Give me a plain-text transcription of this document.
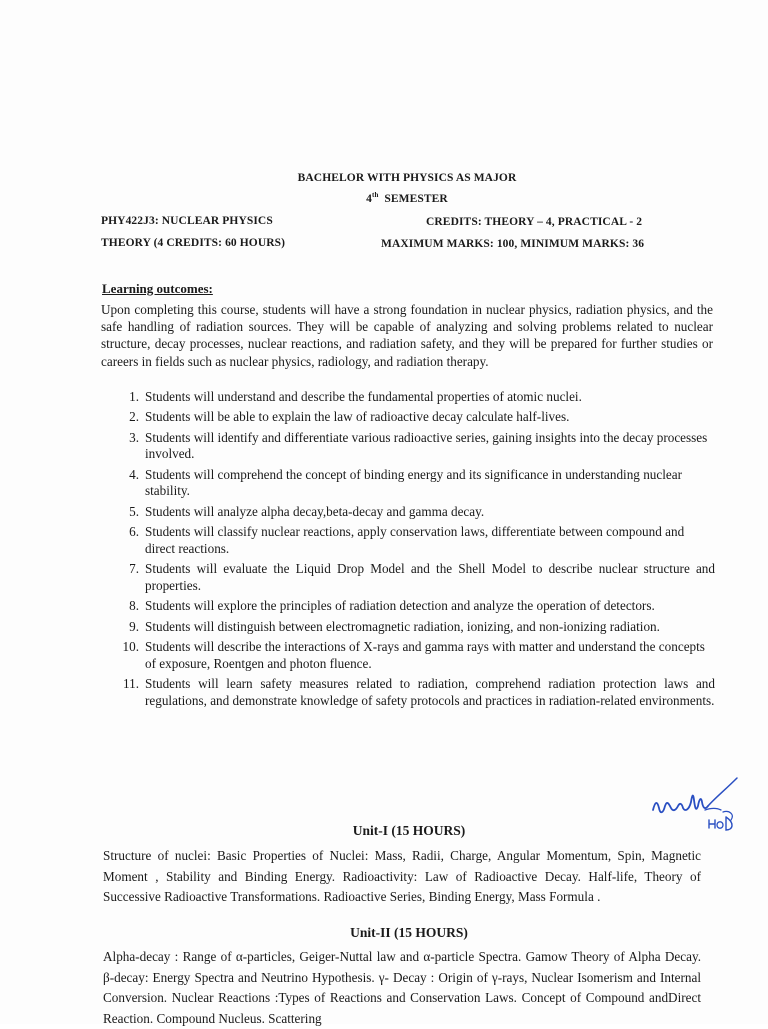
BACHELOR WITH PHYSICS AS MAJOR
4th SEMESTER
PHY422J3: NUCLEAR PHYSICS	CREDITS: THEORY – 4, PRACTICAL - 2
THEORY (4 CREDITS: 60 HOURS)	MAXIMUM MARKS: 100, MINIMUM MARKS: 36
Learning outcomes:
Upon completing this course, students will have a strong foundation in nuclear physics, radiation physics, and the safe handling of radiation sources. They will be capable of analyzing and solving problems related to nuclear structure, decay processes, nuclear reactions, and radiation safety, and they will be prepared for further studies or careers in fields such as nuclear physics, radiology, and radiation therapy.
1. Students will understand and describe the fundamental properties of atomic nuclei.
2. Students will be able to explain the law of radioactive decay calculate half-lives.
3. Students will identify and differentiate various radioactive series, gaining insights into the decay processes involved.
4. Students will comprehend the concept of binding energy and its significance in understanding nuclear stability.
5. Students will analyze alpha decay,beta-decay and gamma decay.
6. Students will classify nuclear reactions, apply conservation laws, differentiate between compound and direct reactions.
7. Students will evaluate the Liquid Drop Model and the Shell Model to describe nuclear structure and properties.
8. Students will explore the principles of radiation detection and analyze the operation of detectors.
9. Students will distinguish between electromagnetic radiation, ionizing, and non-ionizing radiation.
10. Students will describe the interactions of X-rays and gamma rays with matter and understand the concepts of exposure, Roentgen and photon fluence.
11. Students will learn safety measures related to radiation, comprehend radiation protection laws and regulations, and demonstrate knowledge of safety protocols and practices in radiation-related environments.
Unit-I (15 HOURS)
Structure of nuclei: Basic Properties of Nuclei: Mass, Radii, Charge, Angular Momentum, Spin, Magnetic Moment , Stability and Binding Energy. Radioactivity: Law of Radioactive Decay. Half-life, Theory of Successive Radioactive Transformations. Radioactive Series, Binding Energy, Mass Formula .
Unit-II (15 HOURS)
Alpha-decay : Range of α-particles, Geiger-Nuttal law and α-particle Spectra. Gamow Theory of Alpha Decay. β-decay: Energy Spectra and Neutrino Hypothesis. γ- Decay : Origin of γ-rays, Nuclear Isomerism and Internal Conversion. Nuclear Reactions :Types of Reactions and Conservation Laws. Concept of Compound andDirect Reaction. Compound Nucleus. Scattering
